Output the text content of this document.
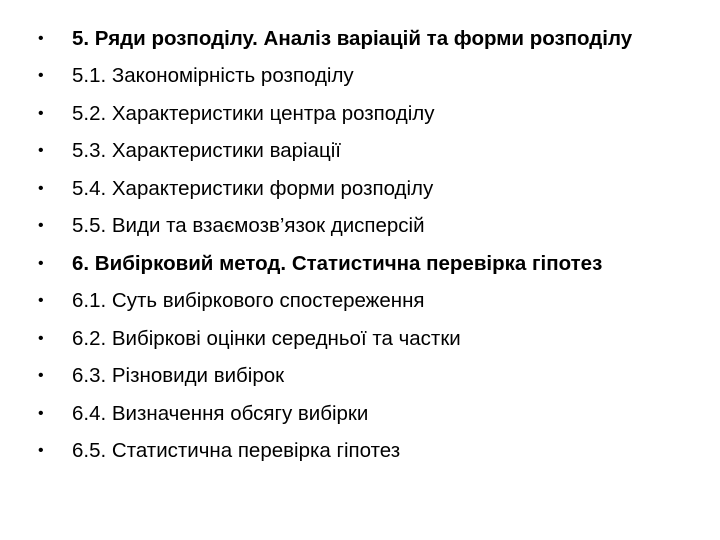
•	5. Ряди розподілу. Аналіз варіацій та форми розподілу
•	5.1. Закономірність розподілу
•	5.2. Характеристики центра розподілу
•	5.3. Характеристики варіації
•	5.4. Характеристики форми розподілу
•	5.5. Види та взаємозв’язок дисперсій
•	6. Вибірковий метод. Статистична перевірка гіпотез
•	6.1. Суть вибіркового спостереження
•	6.2. Вибіркові оцінки середньої та частки
•	6.3. Різновиди вибірок
•	6.4. Визначення обсягу вибірки
•	6.5. Статистична перевірка гіпотез
